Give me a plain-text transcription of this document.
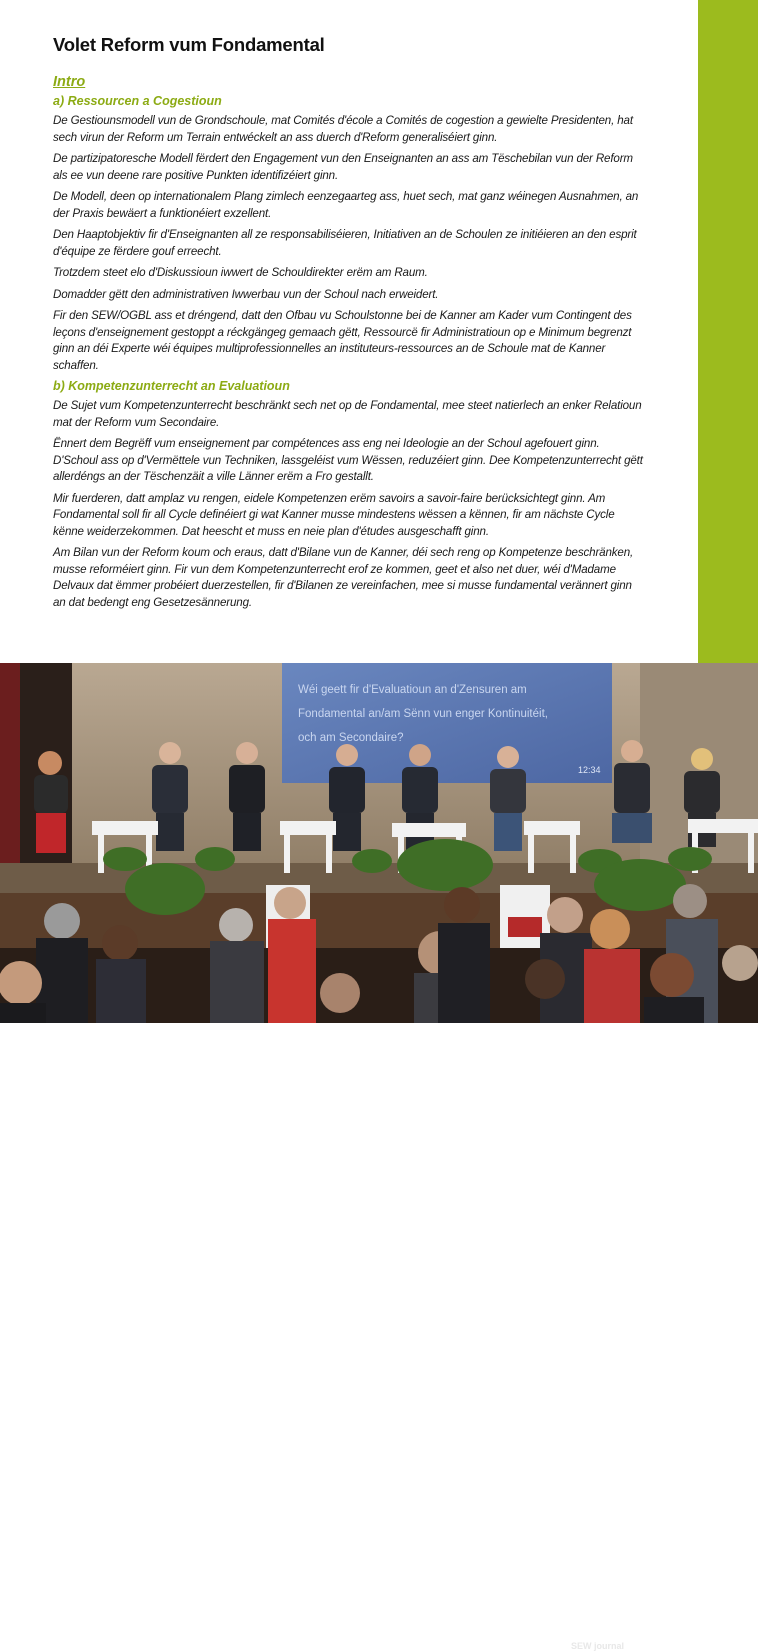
Volet Reform vum Fondamental
Intro
a) Ressourcen a Cogestioun

De Gestiounsmodell vun de Grondschoule, mat Comités d'école a Comités de cogestion a gewielte Presidenten, hat sech virun der Reform um Terrain entwéckelt an ass duerch d'Reform generaliséiert ginn.

De partizipatoresche Modell fërdert den Engagement vun den Enseignanten an ass am Tëschebilan vun der Reform als ee vun deene rare positive Punkten identifizéiert ginn.

De Modell, deen op internationalem Plang zimlech eenzegaarteg ass, huet sech, mat ganz wéinegen Ausnahmen, an der Praxis bewäert a funktionéiert exzellent.

Den Haaptobjektiv fir d'Enseignanten all ze responsabiliséieren, Initiativen an de Schoulen ze initiéieren an den esprit d'équipe ze fërdere gouf erreecht.

Trotzdem steet elo d'Diskussioun iwwert de Schouldirekter erëm am Raum.

Domadder gëtt den administrativen Iwwerbau vun der Schoul nach erweidert.

Fir den SEW/OGBL ass et dréngend, datt den Ofbau vu Schoulstonne bei de Kanner am Kader vum Contingent des leçons d'enseignement gestoppt a réckgängeg gemaach gëtt, Ressourcë fir Administratioun op e Minimum begrenzt ginn an déi Experte wéi équipes multiprofessionnelles an instituteurs-ressources an de Schoule mat de Kanner schaffen.

b) Kompetenzunterrecht an Evaluatioun

De Sujet vum Kompetenzunterrecht beschränkt sech net op de Fondamental, mee steet natierlech an enker Relatioun mat der Reform vum Secondaire.

Ënnert dem Begrëff vum enseignement par compétences ass eng nei Ideologie an der Schoul agefouert ginn. D'Schoul ass op d'Vermëttele vun Techniken, lassgeléist vum Wëssen, reduzéiert ginn. Dee Kompetenzunterrecht gëtt allerdéngs an der Tëschenzäit a ville Länner erëm a Fro gestallt.

Mir fuerderen, datt amplaz vu rengen, eidele Kompetenzen erëm savoirs a savoir-faire berücksichtegt ginn. Am Fondamental soll fir all Cycle definéiert gi wat Kanner musse mindestens wëssen a kënnen, fir am nächste Cycle kënne weiderzekommen. Dat heescht et muss en neie plan d'études ausgeschafft ginn.

Am Bilan vun der Reform koum och eraus, datt d'Bilane vun de Kanner, déi sech reng op Kompetenze beschränken, musse reforméiert ginn. Fir vun dem Kompetenzunterrecht erof ze kommen, geet et also net duer, wéi d'Madame Delvaux dat ëmmer probéiert duerzestellen, fir d'Bilanen ze vereinfachen, mee si musse fundamental verännert ginn an dat bedengt eng Gesetzesännerung.

Wéi geett fir d'Evaluatioun an d'Zensuren am
Fondamental an/am Sënn vun enger Kontinuitéit,
och am Secondaire?
12:34
SEW journal
